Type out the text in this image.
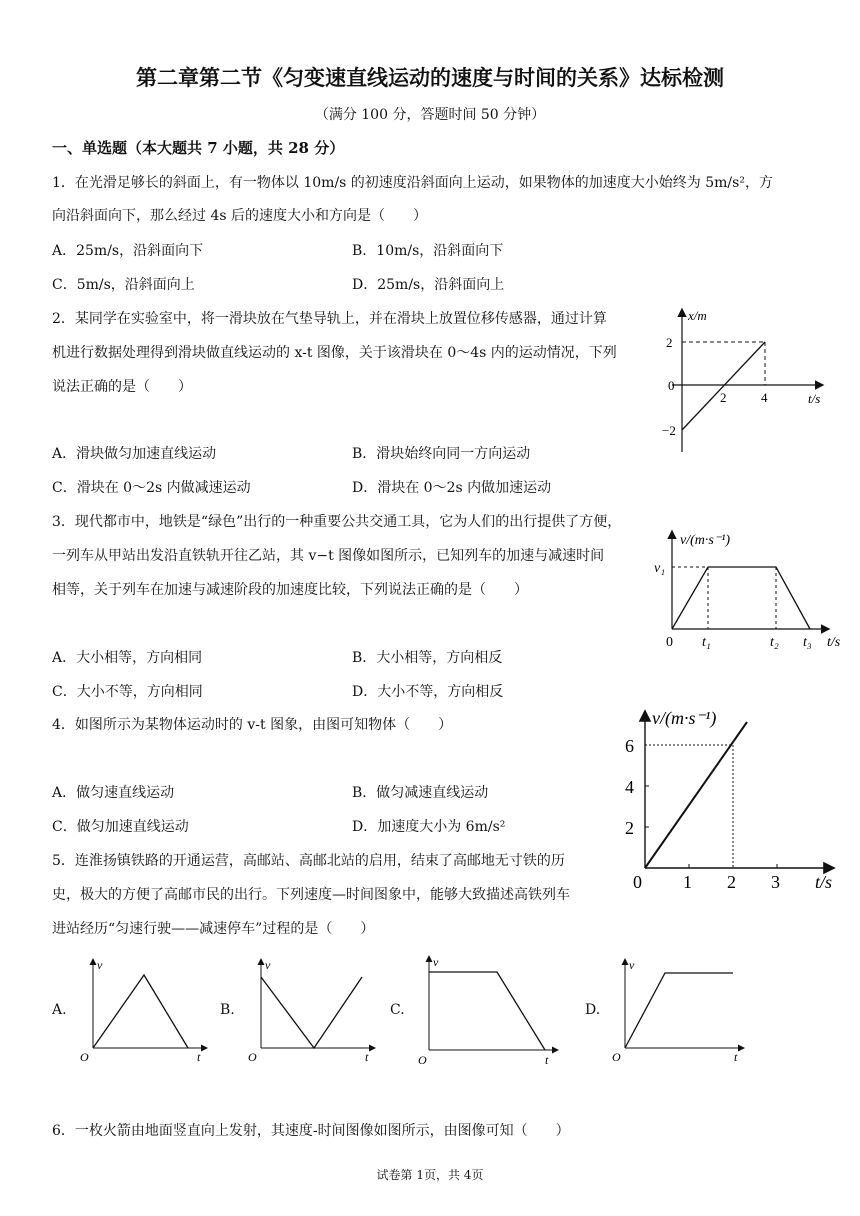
第二章第二节《匀变速直线运动的速度与时间的关系》达标检测
（满分 100 分，答题时间 50 分钟）
一、单选题（本大题共 7 小题，共 28 分）
1．在光滑足够长的斜面上，有一物体以 10m/s 的初速度沿斜面向上运动，如果物体的加速度大小始终为 5m/s²，方
向沿斜面向下，那么经过 4s 后的速度大小和方向是（　　）
A．25m/s，沿斜面向下	B．10m/s，沿斜面向下
C．5m/s，沿斜面向上	D．25m/s，沿斜面向上
2．某同学在实验室中，将一滑块放在气垫导轨上，并在滑块上放置位移传感器，通过计算
机进行数据处理得到滑块做直线运动的 x-t 图像，关于该滑块在 0～4s 内的运动情况，下列
说法正确的是（　　）
A．滑块做匀加速直线运动	B．滑块始终向同一方向运动
C．滑块在 0～2s 内做减速运动	D．滑块在 0～2s 内做加速运动
x/m
2
0
−2
2	4	t/s
3．现代都市中，地铁是“绿色”出行的一种重要公共交通工具，它为人们的出行提供了方便，
一列车从甲站出发沿直铁轨开往乙站，其 v−t 图像如图所示，已知列车的加速与减速时间
相等，关于列车在加速与减速阶段的加速度比较，下列说法正确的是（　　）
A．大小相等，方向相同	B．大小相等，方向相反
C．大小不等，方向相同	D．大小不等，方向相反
v/(m·s⁻¹)
v₁
0 t₁	t₂ t₃ t/s
4．如图所示为某物体运动时的 v-t 图象，由图可知物体（　　）
A．做匀速直线运动	B．做匀减速直线运动
C．做匀加速直线运动	D．加速度大小为 6m/s²
v/(m·s⁻¹)
6
4
2
0 1 2 3 t/s
5．连淮扬镇铁路的开通运营，高邮站、高邮北站的启用，结束了高邮地无寸铁的历
史，极大的方便了高邮市民的出行。下列速度—时间图象中，能够大致描述高铁列车
进站经历“匀速行驶——减速停车”过程的是（　　）
A.
v
O	t
B.
v
O	t
C.
v
O	t
D.
v
O	t
6．一枚火箭由地面竖直向上发射，其速度-时间图像如图所示，由图像可知（　　）
试卷第 1页，共 4页
